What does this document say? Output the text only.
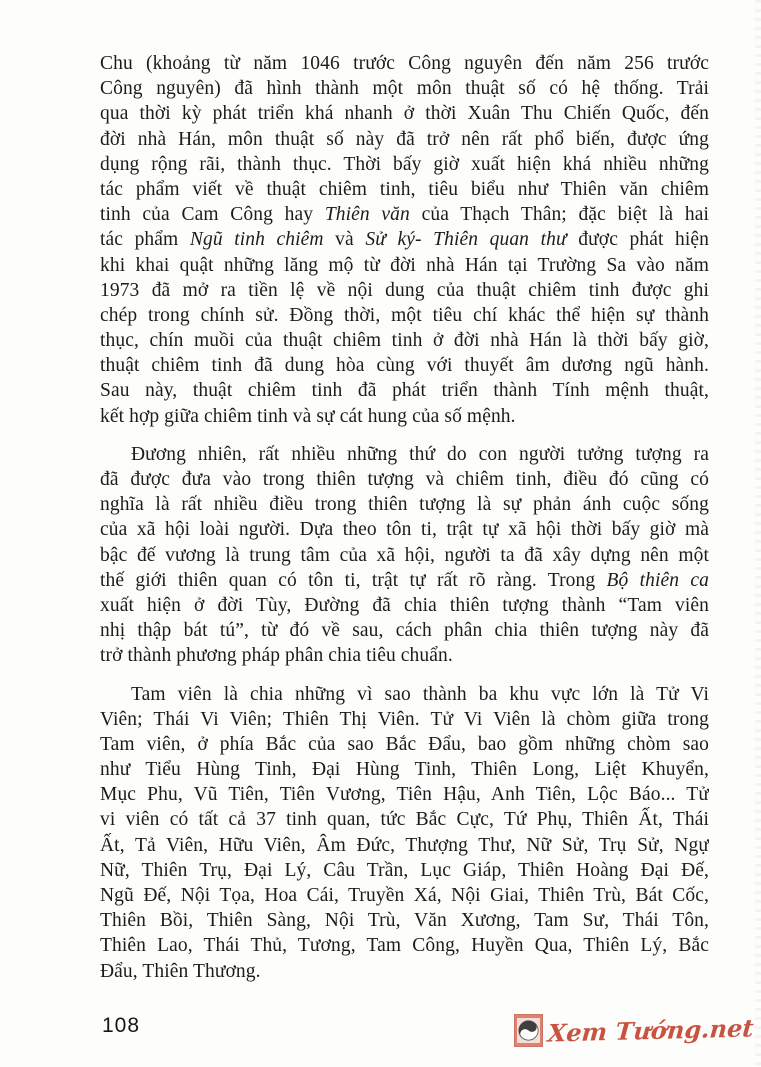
Chu (khoảng từ năm 1046 trước Công nguyên đến năm 256 trước
Công nguyên) đã hình thành một môn thuật số có hệ thống. Trải
qua thời kỳ phát triển khá nhanh ở thời Xuân Thu Chiến Quốc, đến
đời nhà Hán, môn thuật số này đã trở nên rất phổ biến, được ứng
dụng rộng rãi, thành thục. Thời bấy giờ xuất hiện khá nhiều những
tác phẩm viết về thuật chiêm tinh, tiêu biểu như Thiên văn chiêm
tinh của Cam Công hay Thiên văn của Thạch Thân; đặc biệt là hai
tác phẩm Ngũ tinh chiêm và Sử ký- Thiên quan thư được phát hiện
khi khai quật những lăng mộ từ đời nhà Hán tại Trường Sa vào năm
1973 đã mở ra tiền lệ về nội dung của thuật chiêm tinh được ghi
chép trong chính sử. Đồng thời, một tiêu chí khác thể hiện sự thành
thục, chín muồi của thuật chiêm tinh ở đời nhà Hán là thời bấy giờ,
thuật chiêm tinh đã dung hòa cùng với thuyết âm dương ngũ hành.
Sau này, thuật chiêm tinh đã phát triển thành Tính mệnh thuật,
kết hợp giữa chiêm tinh và sự cát hung của số mệnh.
Đương nhiên, rất nhiều những thứ do con người tưởng tượng ra
đã được đưa vào trong thiên tượng và chiêm tinh, điều đó cũng có
nghĩa là rất nhiều điều trong thiên tượng là sự phản ánh cuộc sống
của xã hội loài người. Dựa theo tôn ti, trật tự xã hội thời bấy giờ mà
bậc đế vương là trung tâm của xã hội, người ta đã xây dựng nên một
thế giới thiên quan có tôn ti, trật tự rất rõ ràng. Trong Bộ thiên ca
xuất hiện ở đời Tùy, Đường đã chia thiên tượng thành “Tam viên
nhị thập bát tú”, từ đó về sau, cách phân chia thiên tượng này đã
trở thành phương pháp phân chia tiêu chuẩn.
Tam viên là chia những vì sao thành ba khu vực lớn là Tử Vi
Viên; Thái Vi Viên; Thiên Thị Viên. Tử Vi Viên là chòm giữa trong
Tam viên, ở phía Bắc của sao Bắc Đẩu, bao gồm những chòm sao
như Tiểu Hùng Tinh, Đại Hùng Tinh, Thiên Long, Liệt Khuyển,
Mục Phu, Vũ Tiên, Tiên Vương, Tiên Hậu, Anh Tiên, Lộc Báo... Tử
vi viên có tất cả 37 tinh quan, tức Bắc Cực, Tứ Phụ, Thiên Ất, Thái
Ất, Tả Viên, Hữu Viên, Âm Đức, Thượng Thư, Nữ Sử, Trụ Sử, Ngự
Nữ, Thiên Trụ, Đại Lý, Câu Trần, Lục Giáp, Thiên Hoàng Đại Đế,
Ngũ Đế, Nội Tọa, Hoa Cái, Truyền Xá, Nội Giai, Thiên Trù, Bát Cốc,
Thiên Bồi, Thiên Sàng, Nội Trù, Văn Xương, Tam Sư, Thái Tôn,
Thiên Lao, Thái Thủ, Tương, Tam Công, Huyền Qua, Thiên Lý, Bắc
Đẩu, Thiên Thương.
108	Xem Tướng.net
